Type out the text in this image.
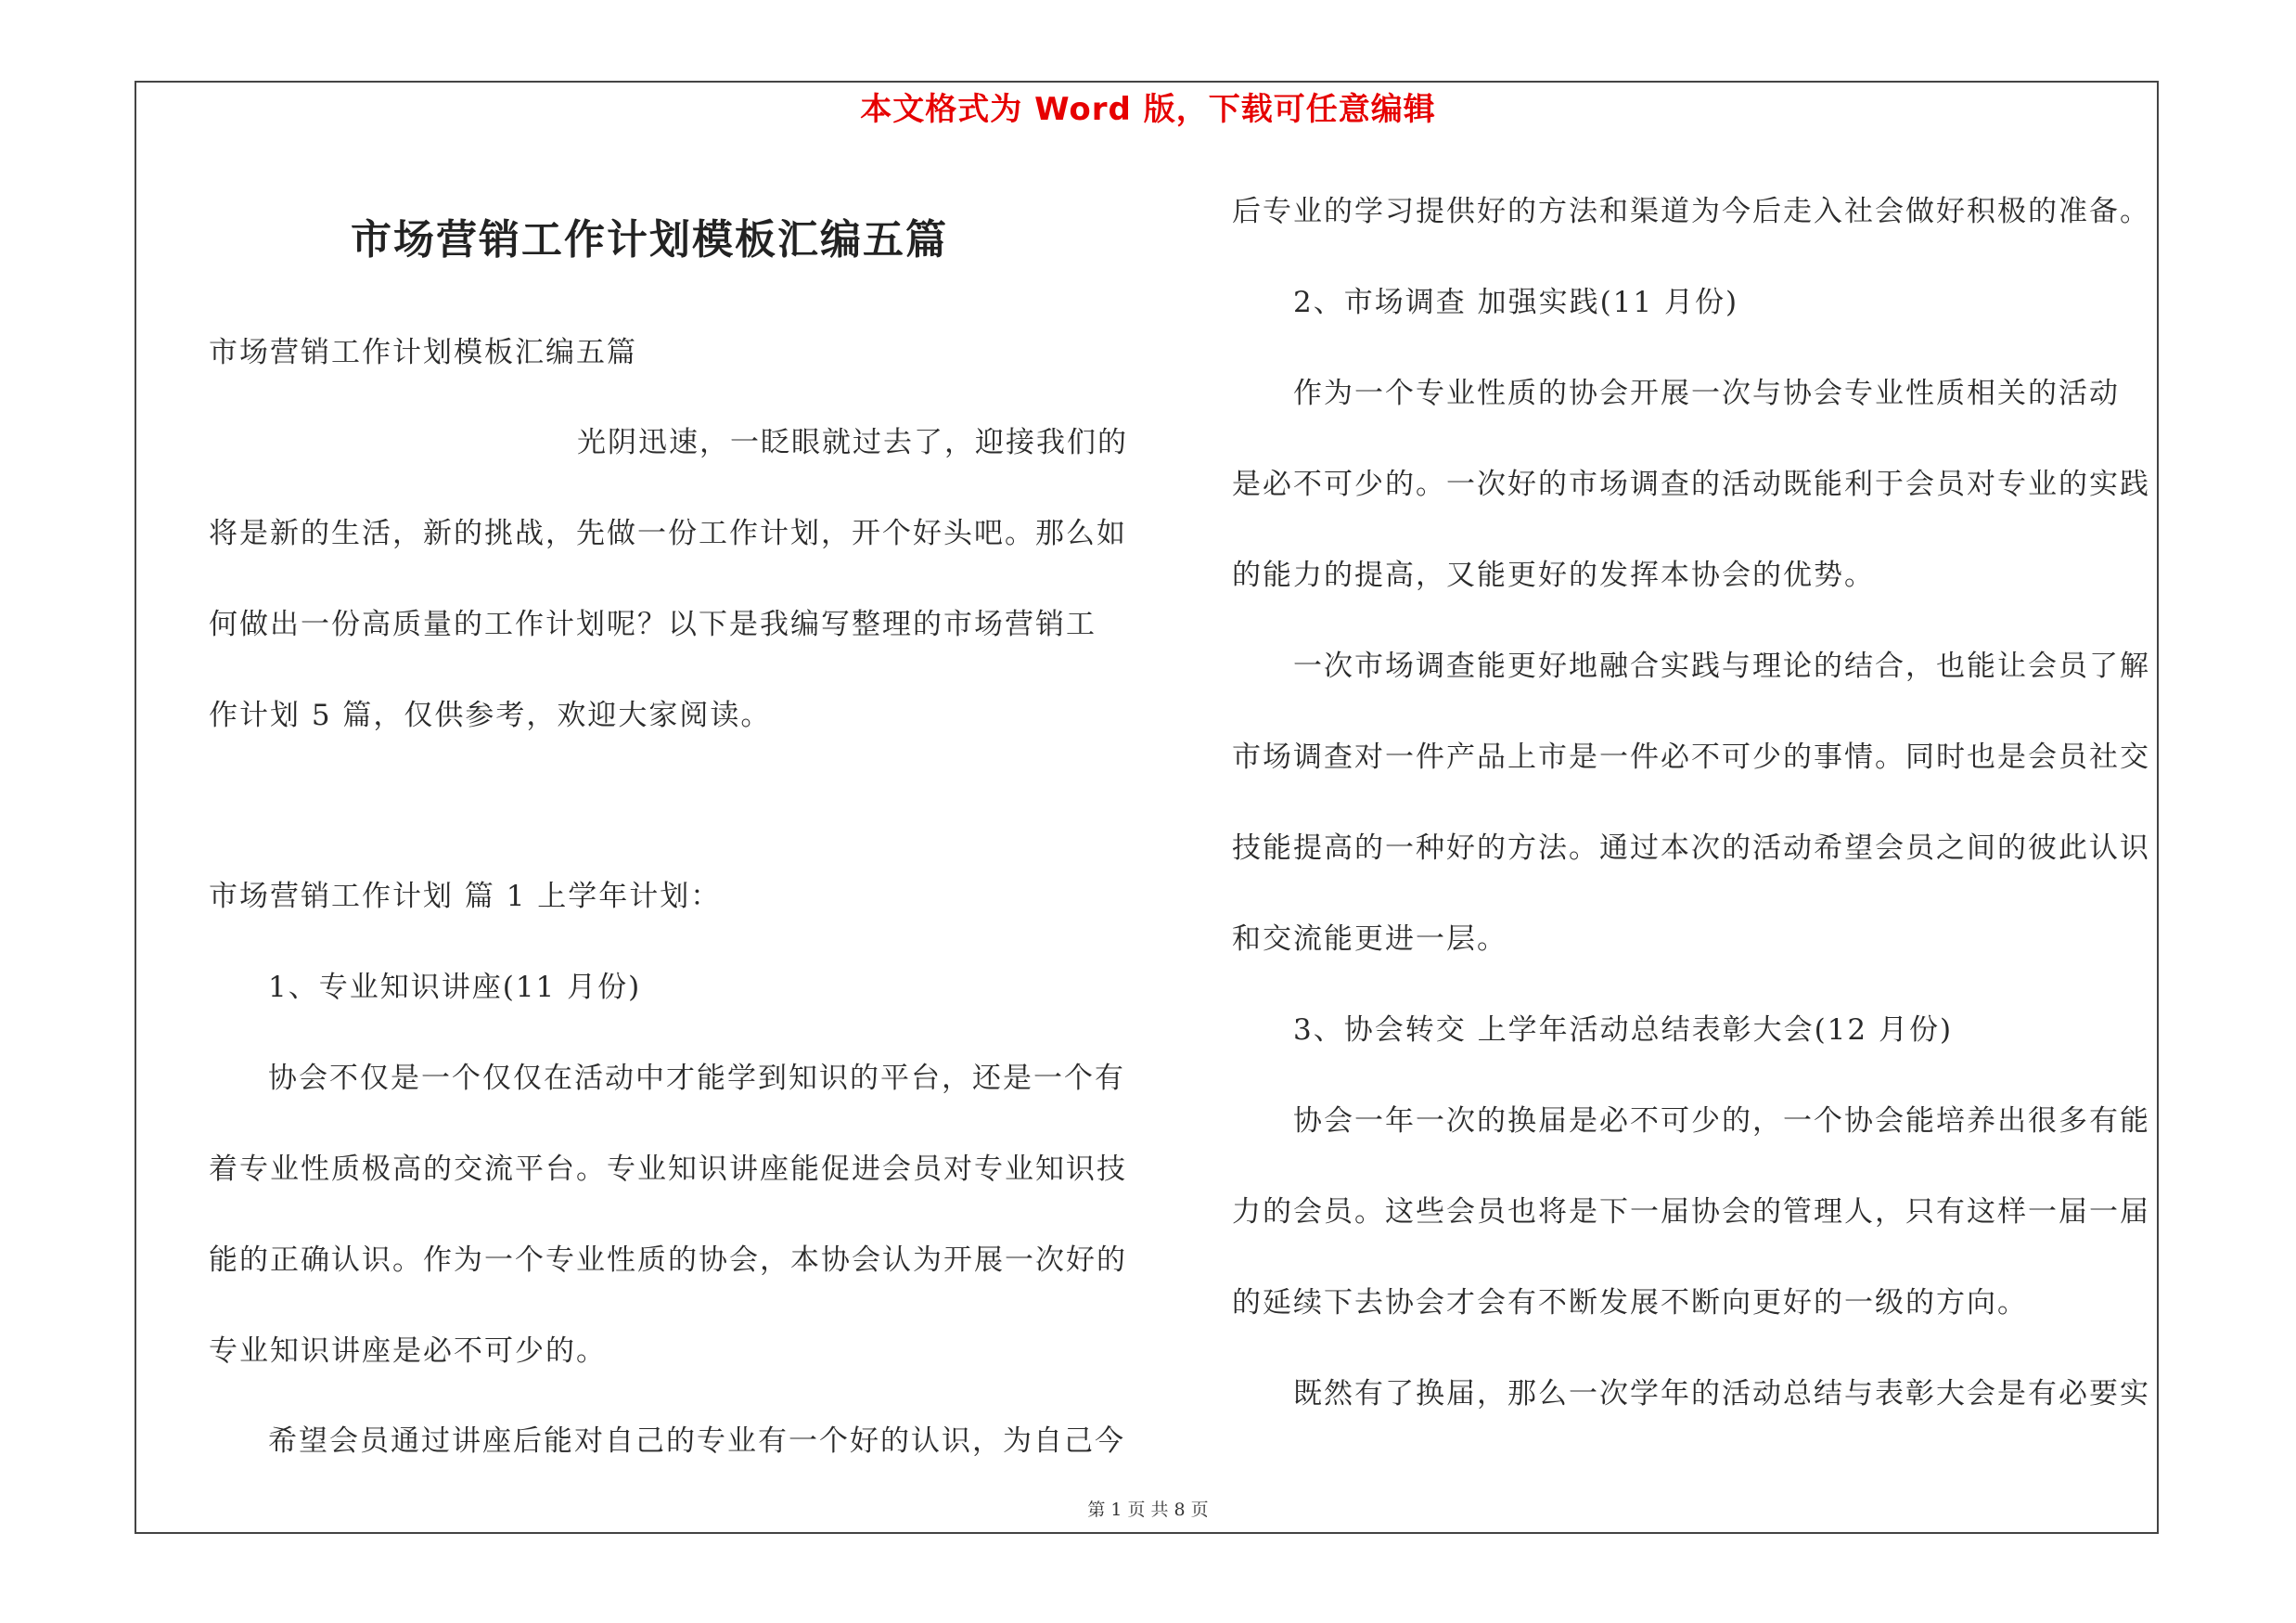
本文格式为 Word 版，下载可任意编辑
市场营销工作计划模板汇编五篇
市场营销工作计划模板汇编五篇
光阴迅速，一眨眼就过去了，迎接我们的
将是新的生活，新的挑战，先做一份工作计划，开个好头吧。那么如
何做出一份高质量的工作计划呢？以下是我编写整理的市场营销工
作计划 5 篇，仅供参考，欢迎大家阅读。
市场营销工作计划 篇 1 上学年计划：
1、专业知识讲座(11 月份)
协会不仅是一个仅仅在活动中才能学到知识的平台，还是一个有
着专业性质极高的交流平台。专业知识讲座能促进会员对专业知识技
能的正确认识。作为一个专业性质的协会，本协会认为开展一次好的
专业知识讲座是必不可少的。
希望会员通过讲座后能对自己的专业有一个好的认识，为自己今
后专业的学习提供好的方法和渠道为今后走入社会做好积极的准备。
2、市场调查 加强实践(11 月份)
作为一个专业性质的协会开展一次与协会专业性质相关的活动
是必不可少的。一次好的市场调查的活动既能利于会员对专业的实践
的能力的提高，又能更好的发挥本协会的优势。
一次市场调查能更好地融合实践与理论的结合，也能让会员了解
市场调查对一件产品上市是一件必不可少的事情。同时也是会员社交
技能提高的一种好的方法。通过本次的活动希望会员之间的彼此认识
和交流能更进一层。
3、协会转交 上学年活动总结表彰大会(12 月份)
协会一年一次的换届是必不可少的，一个协会能培养出很多有能
力的会员。这些会员也将是下一届协会的管理人，只有这样一届一届
的延续下去协会才会有不断发展不断向更好的一级的方向。
既然有了换届，那么一次学年的活动总结与表彰大会是有必要实
第 1 页 共 8 页
